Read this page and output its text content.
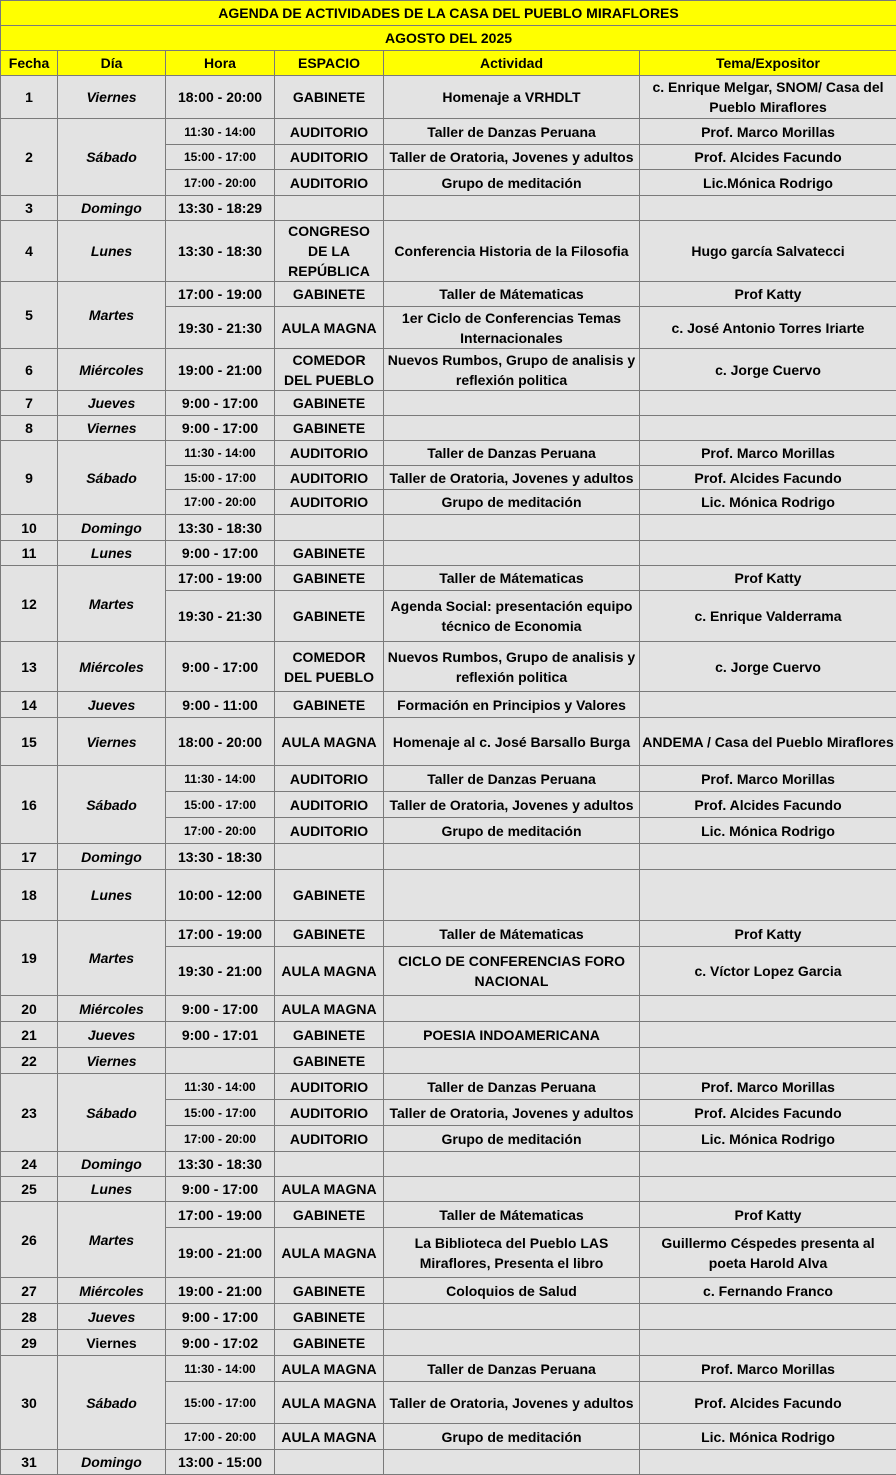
AGENDA DE ACTIVIDADES DE LA CASA DEL PUEBLO MIRAFLORES					
AGOSTO DEL 2025					
Fecha	Día	Hora	ESPACIO	Actividad	Tema/Expositor
1	Viernes	18:00 - 20:00	GABINETE	Homenaje a VRHDLT	c. Enrique Melgar, SNOM/ Casa del Pueblo Miraflores
2	Sábado	11:30 - 14:00	AUDITORIO	Taller de Danzas Peruana	Prof. Marco Morillas
		15:00 - 17:00	AUDITORIO	Taller de Oratoria, Jovenes y adultos	Prof. Alcides Facundo
		17:00 - 20:00	AUDITORIO	Grupo de meditación	Lic.Mónica Rodrigo
3	Domingo	13:30 - 18:29			
4	Lunes	13:30 - 18:30	CONGRESO DE LA REPÚBLICA	Conferencia Historia de la Filosofia	Hugo garcía Salvatecci
5	Martes	17:00 - 19:00	GABINETE	Taller de Mátematicas	Prof Katty
		19:30 - 21:30	AULA MAGNA	1er Ciclo de Conferencias Temas Internacionales	c. José Antonio Torres Iriarte
6	Miércoles	19:00 - 21:00	COMEDOR DEL PUEBLO	Nuevos Rumbos, Grupo de analisis y reflexión politica	c. Jorge Cuervo
7	Jueves	9:00 - 17:00	GABINETE		
8	Viernes	9:00 - 17:00	GABINETE		
9	Sábado	11:30 - 14:00	AUDITORIO	Taller de Danzas Peruana	Prof. Marco Morillas
		15:00 - 17:00	AUDITORIO	Taller de Oratoria, Jovenes y adultos	Prof. Alcides Facundo
		17:00 - 20:00	AUDITORIO	Grupo de meditación	Lic. Mónica Rodrigo
10	Domingo	13:30 - 18:30			
11	Lunes	9:00 - 17:00	GABINETE		
12	Martes	17:00 - 19:00	GABINETE	Taller de Mátematicas	Prof Katty
		19:30 - 21:30	GABINETE	Agenda Social: presentación equipo técnico de Economia	c. Enrique Valderrama
13	Miércoles	9:00 - 17:00	COMEDOR DEL PUEBLO	Nuevos Rumbos, Grupo de analisis y reflexión politica	c. Jorge Cuervo
14	Jueves	9:00 - 11:00	GABINETE	Formación en Principios y Valores	
15	Viernes	18:00 - 20:00	AULA MAGNA	Homenaje al c. José Barsallo Burga	ANDEMA / Casa del Pueblo Miraflores
16	Sábado	11:30 - 14:00	AUDITORIO	Taller de Danzas Peruana	Prof. Marco Morillas
		15:00 - 17:00	AUDITORIO	Taller de Oratoria, Jovenes y adultos	Prof. Alcides Facundo
		17:00 - 20:00	AUDITORIO	Grupo de meditación	Lic. Mónica Rodrigo
17	Domingo	13:30 - 18:30			
18	Lunes	10:00 - 12:00	GABINETE		
19	Martes	17:00 - 19:00	GABINETE	Taller de Mátematicas	Prof Katty
		19:30 - 21:00	AULA MAGNA	CICLO DE CONFERENCIAS FORO NACIONAL	c. Víctor Lopez Garcia
20	Miércoles	9:00 - 17:00	AULA MAGNA		
21	Jueves	9:00 - 17:01	GABINETE	POESIA INDOAMERICANA	
22	Viernes		GABINETE		
23	Sábado	11:30 - 14:00	AUDITORIO	Taller de Danzas Peruana	Prof. Marco Morillas
		15:00 - 17:00	AUDITORIO	Taller de Oratoria, Jovenes y adultos	Prof. Alcides Facundo
		17:00 - 20:00	AUDITORIO	Grupo de meditación	Lic. Mónica Rodrigo
24	Domingo	13:30 - 18:30			
25	Lunes	9:00 - 17:00	AULA MAGNA		
26	Martes	17:00 - 19:00	GABINETE	Taller de Mátematicas	Prof Katty
		19:00 - 21:00	AULA MAGNA	La Biblioteca del Pueblo LAS Miraflores, Presenta el libro	Guillermo Céspedes presenta al poeta Harold Alva
27	Miércoles	19:00 - 21:00	GABINETE	Coloquios de Salud	c. Fernando Franco
28	Jueves	9:00 - 17:00	GABINETE		
29	Viernes	9:00 - 17:02	GABINETE		
30	Sábado	11:30 - 14:00	AULA MAGNA	Taller de Danzas Peruana	Prof. Marco Morillas
		15:00 - 17:00	AULA MAGNA	Taller de Oratoria, Jovenes y adultos	Prof. Alcides Facundo
		17:00 - 20:00	AULA MAGNA	Grupo de meditación	Lic. Mónica Rodrigo
31	Domingo	13:00 - 15:00			
